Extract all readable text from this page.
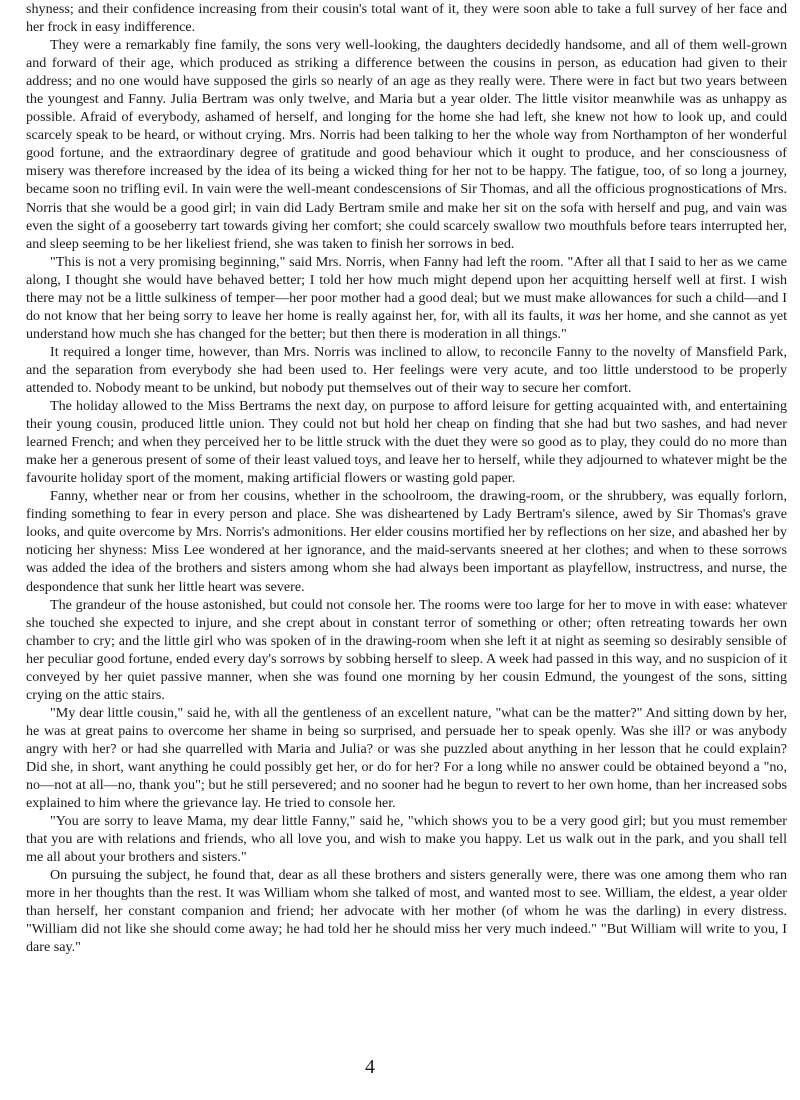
shyness; and their confidence increasing from their cousin's total want of it, they were soon able to take a full survey of her face and her frock in easy indifference.

They were a remarkably fine family, the sons very well-looking, the daughters decidedly handsome, and all of them well-grown and forward of their age, which produced as striking a difference between the cousins in person, as education had given to their address; and no one would have supposed the girls so nearly of an age as they really were. There were in fact but two years between the youngest and Fanny. Julia Bertram was only twelve, and Maria but a year older. The little visitor meanwhile was as unhappy as possible. Afraid of everybody, ashamed of herself, and longing for the home she had left, she knew not how to look up, and could scarcely speak to be heard, or without crying. Mrs. Norris had been talking to her the whole way from Northampton of her wonderful good fortune, and the extraordinary degree of gratitude and good behaviour which it ought to produce, and her consciousness of misery was therefore increased by the idea of its being a wicked thing for her not to be happy. The fatigue, too, of so long a journey, became soon no trifling evil. In vain were the well-meant condescensions of Sir Thomas, and all the officious prognostications of Mrs. Norris that she would be a good girl; in vain did Lady Bertram smile and make her sit on the sofa with herself and pug, and vain was even the sight of a gooseberry tart towards giving her comfort; she could scarcely swallow two mouthfuls before tears interrupted her, and sleep seeming to be her likeliest friend, she was taken to finish her sorrows in bed.

"This is not a very promising beginning," said Mrs. Norris, when Fanny had left the room. "After all that I said to her as we came along, I thought she would have behaved better; I told her how much might depend upon her acquitting herself well at first. I wish there may not be a little sulkiness of temper—her poor mother had a good deal; but we must make allowances for such a child—and I do not know that her being sorry to leave her home is really against her, for, with all its faults, it was her home, and she cannot as yet understand how much she has changed for the better; but then there is moderation in all things."

It required a longer time, however, than Mrs. Norris was inclined to allow, to reconcile Fanny to the novelty of Mansfield Park, and the separation from everybody she had been used to. Her feelings were very acute, and too little understood to be properly attended to. Nobody meant to be unkind, but nobody put themselves out of their way to secure her comfort.

The holiday allowed to the Miss Bertrams the next day, on purpose to afford leisure for getting acquainted with, and entertaining their young cousin, produced little union. They could not but hold her cheap on finding that she had but two sashes, and had never learned French; and when they perceived her to be little struck with the duet they were so good as to play, they could do no more than make her a generous present of some of their least valued toys, and leave her to herself, while they adjourned to whatever might be the favourite holiday sport of the moment, making artificial flowers or wasting gold paper.

Fanny, whether near or from her cousins, whether in the schoolroom, the drawing-room, or the shrubbery, was equally forlorn, finding something to fear in every person and place. She was disheartened by Lady Bertram's silence, awed by Sir Thomas's grave looks, and quite overcome by Mrs. Norris's admonitions. Her elder cousins mortified her by reflections on her size, and abashed her by noticing her shyness: Miss Lee wondered at her ignorance, and the maid-servants sneered at her clothes; and when to these sorrows was added the idea of the brothers and sisters among whom she had always been important as playfellow, instructress, and nurse, the despondence that sunk her little heart was severe.

The grandeur of the house astonished, but could not console her. The rooms were too large for her to move in with ease: whatever she touched she expected to injure, and she crept about in constant terror of something or other; often retreating towards her own chamber to cry; and the little girl who was spoken of in the drawing-room when she left it at night as seeming so desirably sensible of her peculiar good fortune, ended every day's sorrows by sobbing herself to sleep. A week had passed in this way, and no suspicion of it conveyed by her quiet passive manner, when she was found one morning by her cousin Edmund, the youngest of the sons, sitting crying on the attic stairs.

"My dear little cousin," said he, with all the gentleness of an excellent nature, "what can be the matter?" And sitting down by her, he was at great pains to overcome her shame in being so surprised, and persuade her to speak openly. Was she ill? or was anybody angry with her? or had she quarrelled with Maria and Julia? or was she puzzled about anything in her lesson that he could explain? Did she, in short, want anything he could possibly get her, or do for her? For a long while no answer could be obtained beyond a "no, no—not at all—no, thank you"; but he still persevered; and no sooner had he begun to revert to her own home, than her increased sobs explained to him where the grievance lay. He tried to console her.

"You are sorry to leave Mama, my dear little Fanny," said he, "which shows you to be a very good girl; but you must remember that you are with relations and friends, who all love you, and wish to make you happy. Let us walk out in the park, and you shall tell me all about your brothers and sisters."

On pursuing the subject, he found that, dear as all these brothers and sisters generally were, there was one among them who ran more in her thoughts than the rest. It was William whom she talked of most, and wanted most to see. William, the eldest, a year older than herself, her constant companion and friend; her advocate with her mother (of whom he was the darling) in every distress. "William did not like she should come away; he had told her he should miss her very much indeed." "But William will write to you, I dare say."

4
